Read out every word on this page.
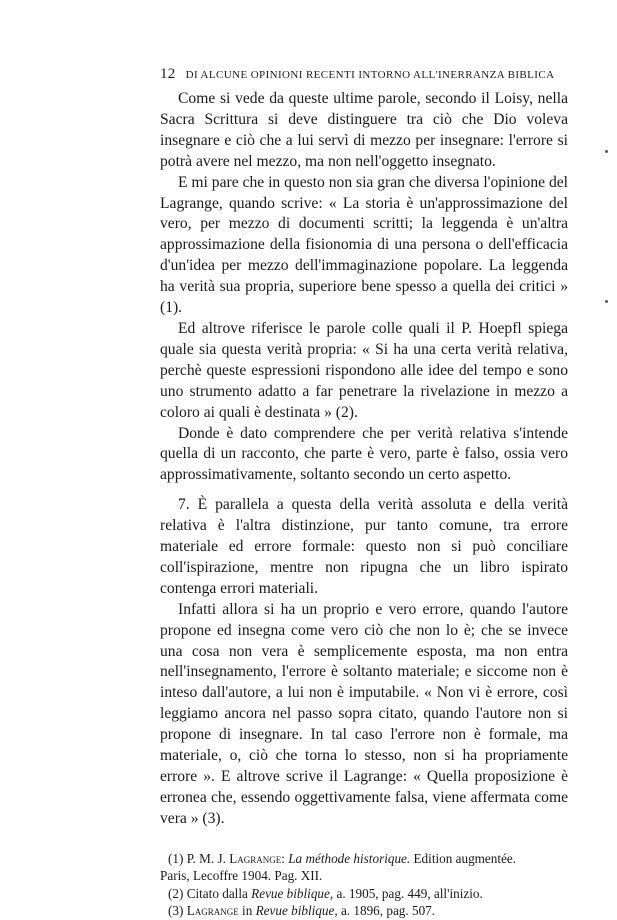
12 DI ALCUNE OPINIONI RECENTI INTORNO ALL'INERRANZA BIBLICA

Come si vede da queste ultime parole, secondo il Loisy, nella Sacra Scrittura si deve distinguere tra ciò che Dio voleva insegnare e ciò che a lui servì di mezzo per insegnare: l'errore si potrà avere nel mezzo, ma non nell'oggetto insegnato.

E mi pare che in questo non sia gran che diversa l'opinione del Lagrange, quando scrive: « La storia è un'approssimazione del vero, per mezzo di documenti scritti; la leggenda è un'altra approssimazione della fisionomia di una persona o dell'efficacia d'un'idea per mezzo dell'immaginazione popolare. La leggenda ha verità sua propria, superiore bene spesso a quella dei critici » (1).

Ed altrove riferisce le parole colle quali il P. Hoepfl spiega quale sia questa verità propria: « Si ha una certa verità relativa, perchè queste espressioni rispondono alle idee del tempo e sono uno strumento adatto a far penetrare la rivelazione in mezzo a coloro ai quali è destinata » (2).

Donde è dato comprendere che per verità relativa s'intende quella di un racconto, che parte è vero, parte è falso, ossia vero approssimativamente, soltanto secondo un certo aspetto.

7. È parallela a questa della verità assoluta e della verità relativa è l'altra distinzione, pur tanto comune, tra errore materiale ed errore formale: questo non si può conciliare coll'ispirazione, mentre non ripugna che un libro ispirato contenga errori materiali.

Infatti allora si ha un proprio e vero errore, quando l'autore propone ed insegna come vero ciò che non lo è; che se invece una cosa non vera è semplicemente esposta, ma non entra nell'insegnamento, l'errore è soltanto materiale; e siccome non è inteso dall'autore, a lui non è imputabile. « Non vi è errore, così leggiamo ancora nel passo sopra citato, quando l'autore non si propone di insegnare. In tal caso l'errore non è formale, ma materiale, o, ciò che torna lo stesso, non si ha propriamente errore ». E altrove scrive il Lagrange: « Quella proposizione è erronea che, essendo oggettivamente falsa, viene affermata come vera » (3).

(1) P. M. J. Lagrange: La méthode historique. Edition augmentée.

Paris, Lecoffre 1904. Pag. XII.

(2) Citato dalla Revue biblique, a. 1905, pag. 449, all'inizio.

(3) Lagrange in Revue biblique, a. 1896, pag. 507.
